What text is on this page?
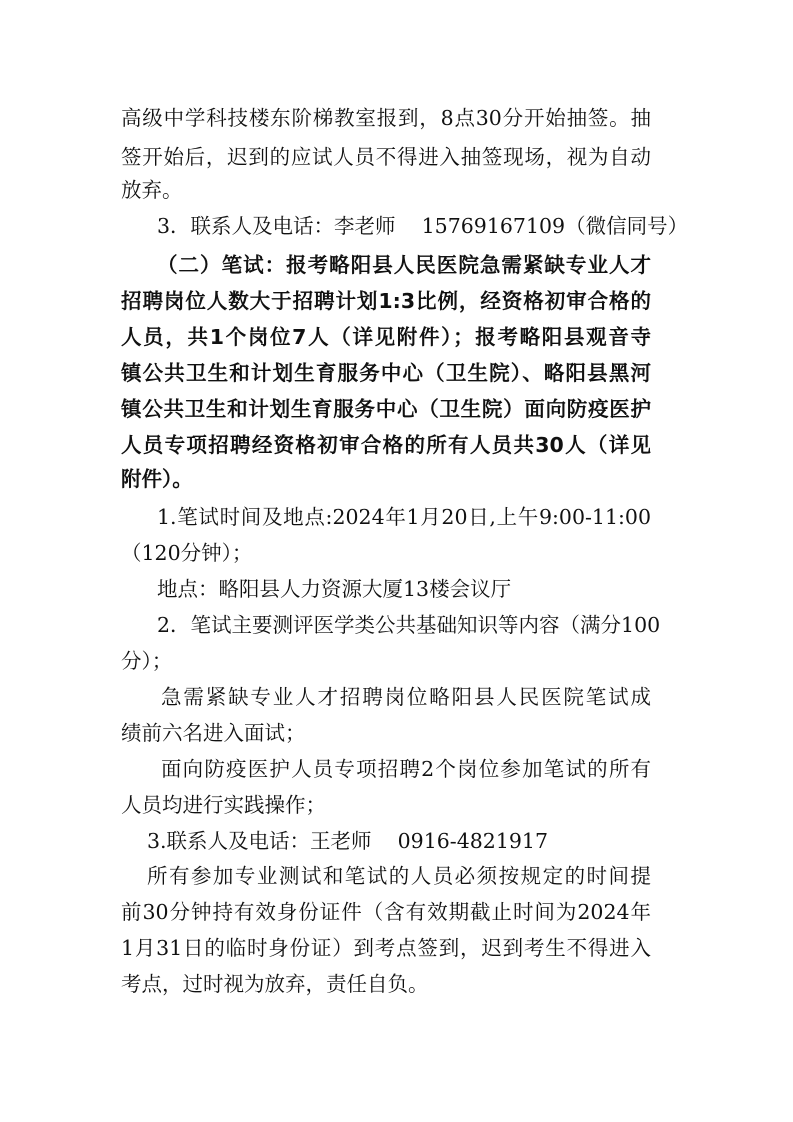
高级中学科技楼东阶梯教室报到，8点30分开始抽签。抽
签开始后，迟到的应试人员不得进入抽签现场，视为自动
放弃。
3．联系人及电话：李老师    15769167109（微信同号）
（二）笔试：报考略阳县人民医院急需紧缺专业人才
招聘岗位人数大于招聘计划1:3比例，经资格初审合格的
人员，共1个岗位7人（详见附件）；报考略阳县观音寺
镇公共卫生和计划生育服务中心（卫生院）、略阳县黑河
镇公共卫生和计划生育服务中心（卫生院）面向防疫医护
人员专项招聘经资格初审合格的所有人员共30人（详见
附件）。
1.笔试时间及地点:2024年1月20日,上午9:00-11:00
（120分钟）；
地点：略阳县人力资源大厦13楼会议厅
2．笔试主要测评医学类公共基础知识等内容（满分100
分）；
急需紧缺专业人才招聘岗位略阳县人民医院笔试成
绩前六名进入面试；
面向防疫医护人员专项招聘2个岗位参加笔试的所有
人员均进行实践操作；
3.联系人及电话：王老师    0916-4821917
所有参加专业测试和笔试的人员必须按规定的时间提
前30分钟持有效身份证件（含有效期截止时间为2024年
1月31日的临时身份证）到考点签到，迟到考生不得进入
考点，过时视为放弃，责任自负。
